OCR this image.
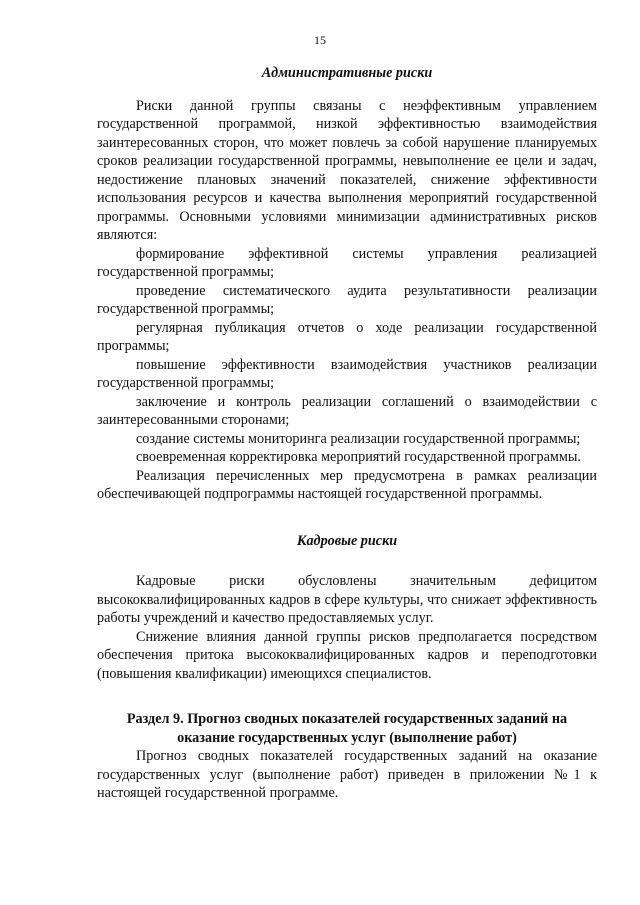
15

Административные риски

Риски данной группы связаны с неэффективным управлением государственной программой, низкой эффективностью взаимодействия заинтересованных сторон, что может повлечь за собой нарушение планируемых сроков реализации государственной программы, невыполнение ее цели и задач, недостижение плановых значений показателей, снижение эффективности использования ресурсов и качества выполнения мероприятий государственной программы. Основными условиями минимизации административных рисков являются:

формирование эффективной системы управления реализацией государственной программы;

проведение систематического аудита результативности реализации государственной программы;

регулярная публикация отчетов о ходе реализации государственной программы;

повышение эффективности взаимодействия участников реализации государственной программы;

заключение и контроль реализации соглашений о взаимодействии с заинтересованными сторонами;

создание системы мониторинга реализации государственной программы;

своевременная корректировка мероприятий государственной программы.

Реализация перечисленных мер предусмотрена в рамках реализации обеспечивающей подпрограммы настоящей государственной программы.

Кадровые риски

Кадровые риски обусловлены значительным дефицитом высококвалифицированных кадров в сфере культуры, что снижает эффективность работы учреждений и качество предоставляемых услуг.

Снижение влияния данной группы рисков предполагается посредством обеспечения притока высококвалифицированных кадров и переподготовки (повышения квалификации) имеющихся специалистов.

Раздел 9. Прогноз сводных показателей государственных заданий на

оказание государственных услуг (выполнение работ)

Прогноз сводных показателей государственных заданий на оказание государственных услуг (выполнение работ) приведен в приложении №1 к настоящей государственной программе.
